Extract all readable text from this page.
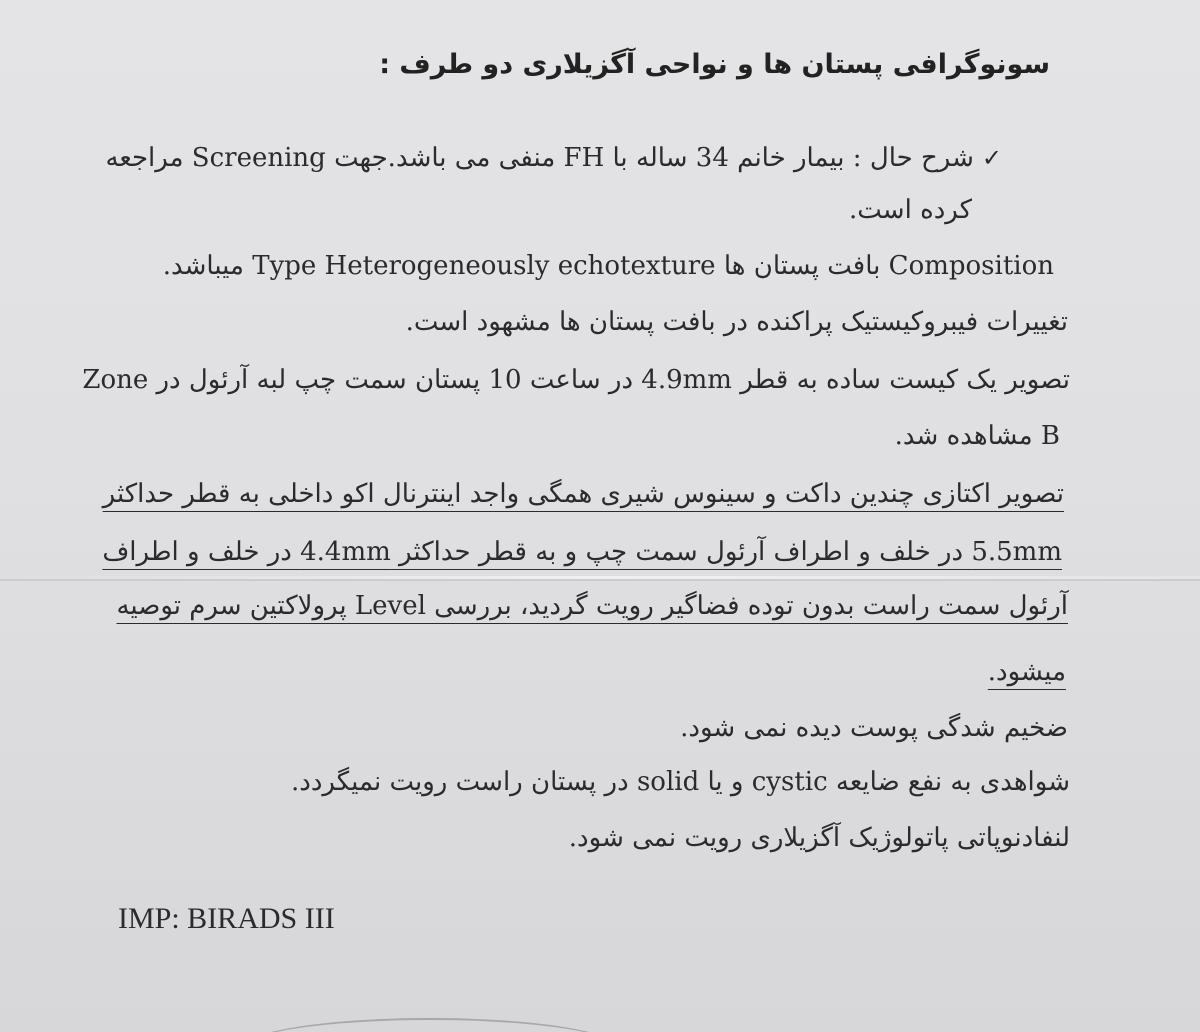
سونوگرافی پستان ها و نواحی آگزیلاری دو طرف :
✓شرح حال : بیمار خانم 34 ساله با FH منفی می باشد.جهت Screening مراجعه
کرده است.
Composition بافت پستان ها Type Heterogeneously echotexture میباشد.
تغییرات فیبروکیستیک پراکنده در بافت پستان ها مشهود است.
تصویر یک کیست ساده به قطر 4.9mm در ساعت 10 پستان سمت چپ لبه آرئول در Zone
B مشاهده شد.
تصویر اکتازی چندین داکت و سینوس شیری همگی واجد اینترنال اکو داخلی به قطر حداکثر
5.5mm در خلف و اطراف آرئول سمت چپ و به قطر حداکثر 4.4mm در خلف و اطراف
آرئول سمت راست بدون توده فضاگیر رویت گردید، بررسی Level پرولاکتین سرم توصیه
میشود.
ضخیم شدگی پوست دیده نمی شود.
شواهدی به نفع ضایعه cystic و یا solid در پستان راست رویت نمیگردد.
لنفادنوپاتی پاتولوژیک آگزیلاری رویت نمی شود.
IMP: BIRADS III
